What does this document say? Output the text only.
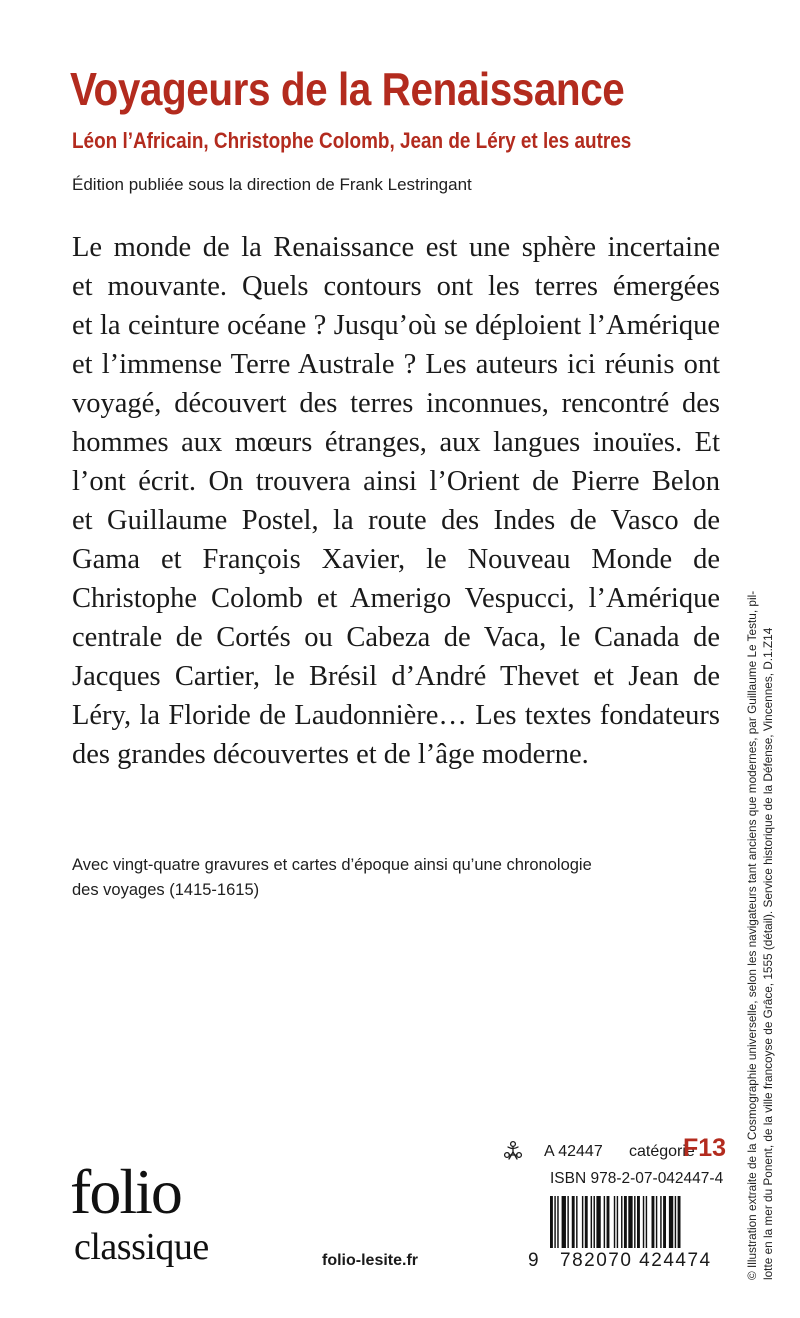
Voyageurs de la Renaissance
Léon l’Africain, Christophe Colomb, Jean de Léry et les autres

Édition publiée sous la direction de Frank Lestringant

Le monde de la Renaissance est une sphère incertaine
et mouvante. Quels contours ont les terres émergées
et la ceinture océane ? Jusqu’où se déploient l’Amérique
et l’immense Terre Australe ? Les auteurs ici réunis ont
voyagé, découvert des terres inconnues, rencontré des
hommes aux mœurs étranges, aux langues inouïes. Et
l’ont écrit. On trouvera ainsi l’Orient de Pierre Belon
et Guillaume Postel, la route des Indes de Vasco de
Gama et François Xavier, le Nouveau Monde de
Christophe Colomb et Amerigo Vespucci, l’Amérique
centrale de Cortés ou Cabeza de Vaca, le Canada de
Jacques Cartier, le Brésil d’André Thevet et Jean de
Léry, la Floride de Laudonnière… Les textes fondateurs
des grandes découvertes et de l’âge moderne.

Avec vingt-quatre gravures et cartes d’époque ainsi qu’une chronologie
des voyages (1415-1615)	© Illustration extraite de la Cosmographie universelle, selon les navigateurs tant anciens que modernes, par Guillaume Le Testu, pil- lotte en la mer du Ponent, de la ville francoyse de Grâce, 1555 (détail). Service historique de la Défense, Vincennes, D.1.Z14

folio
classique	folio-lesite.fr

A 42447 catégorie
F13

ISBN 978-2-07-042447-4

9 782070 424474
